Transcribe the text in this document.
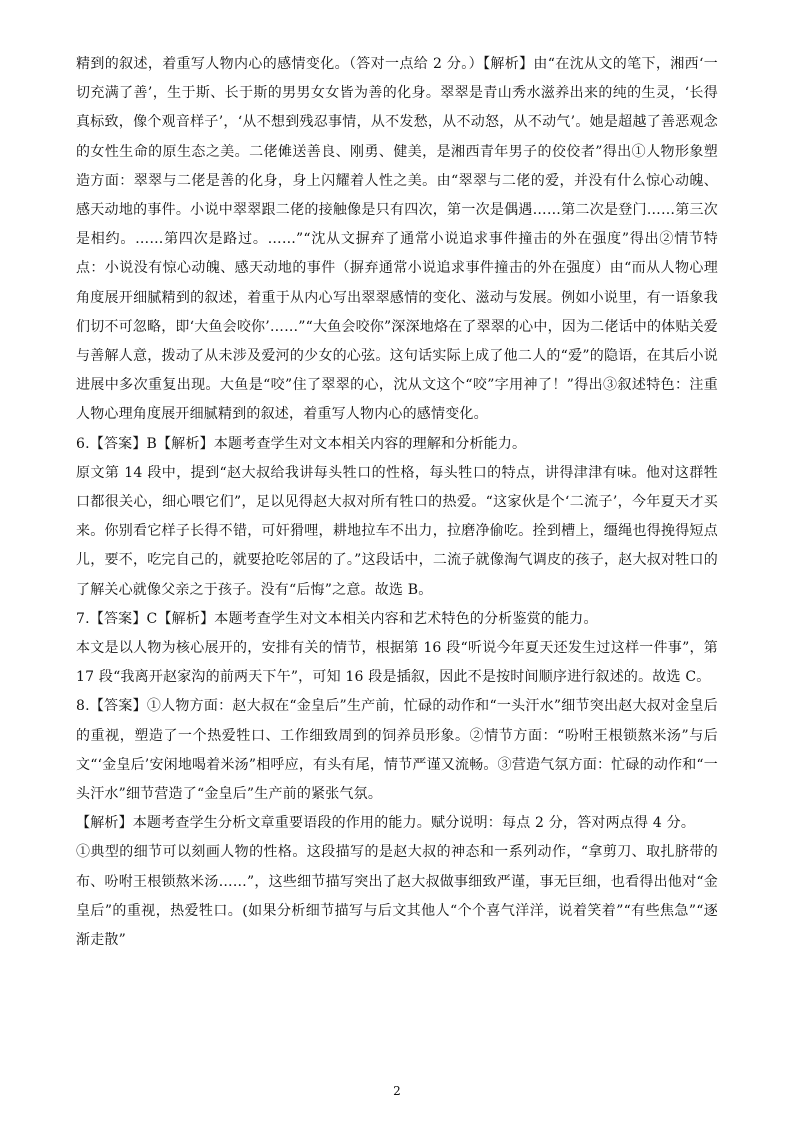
精到的叙述，着重写人物内心的感情变化。（答对一点给 2 分。）【解析】由“在沈从文的笔下，湘西‘一切充满了善’，生于斯、长于斯的男男女女皆为善的化身。翠翠是青山秀水滋养出来的纯的生灵，‘长得真标致，像个观音样子’，‘从不想到残忍事情，从不发愁，从不动怒，从不动气’。她是超越了善恶观念的女性生命的原生态之美。二佬傩送善良、刚勇、健美，是湘西青年男子的佼佼者”得出①人物形象塑造方面：翠翠与二佬是善的化身，身上闪耀着人性之美。由“翠翠与二佬的爱，并没有什么惊心动魄、感天动地的事件。小说中翠翠跟二佬的接触像是只有四次，第一次是偶遇……第二次是登门……第三次是相约。……第四次是路过。……”“沈从文摒弃了通常小说追求事件撞击的外在强度”得出②情节特点：小说没有惊心动魄、感天动地的事件（摒弃通常小说追求事件撞击的外在强度）由“而从人物心理角度展开细腻精到的叙述，着重于从内心写出翠翠感情的变化、滋动与发展。例如小说里，有一语象我们切不可忽略，即‘大鱼会咬你’……”“大鱼会咬你”深深地烙在了翠翠的心中，因为二佬话中的体贴关爱与善解人意，拨动了从未涉及爱河的少女的心弦。这句话实际上成了他二人的“爱”的隐语，在其后小说进展中多次重复出现。大鱼是“咬”住了翠翠的心，沈从文这个“咬”字用神了！”得出③叙述特色：注重人物心理角度展开细腻精到的叙述，着重写人物内心的感情变化。

6.【答案】B【解析】本题考查学生对文本相关内容的理解和分析能力。

原文第 14 段中，提到“赵大叔给我讲每头牲口的性格，每头牲口的特点，讲得津津有味。他对这群牲口都很关心，细心喂它们”，足以见得赵大叔对所有牲口的热爱。“这家伙是个‘二流子’，今年夏天才买来。你别看它样子长得不错，可奸猾哩，耕地拉车不出力，拉磨净偷吃。拴到槽上，缰绳也得挽得短点儿，要不，吃完自己的，就要抢吃邻居的了。”这段话中，二流子就像淘气调皮的孩子，赵大叔对牲口的了解关心就像父亲之于孩子。没有“后悔”之意。故选 B。

7.【答案】C【解析】本题考查学生对文本相关内容和艺术特色的分析鉴赏的能力。

本文是以人物为核心展开的，安排有关的情节，根据第 16 段“听说今年夏天还发生过这样一件事”，第 17 段“我离开赵家沟的前两天下午”，可知 16 段是插叙，因此不是按时间顺序进行叙述的。故选 C。

8.【答案】①人物方面：赵大叔在“金皇后”生产前，忙碌的动作和“一头汗水”细节突出赵大叔对金皇后的重视，塑造了一个热爱牲口、工作细致周到的饲养员形象。②情节方面：“吩咐王根锁熬米汤”与后文“‘金皇后’安闲地喝着米汤”相呼应，有头有尾，情节严谨又流畅。③营造气氛方面：忙碌的动作和“一头汗水”细节营造了“金皇后”生产前的紧张气氛。

【解析】本题考查学生分析文章重要语段的作用的能力。赋分说明：每点 2 分，答对两点得 4 分。

①典型的细节可以刻画人物的性格。这段描写的是赵大叔的神态和一系列动作，“拿剪刀、取扎脐带的布、吩咐王根锁熬米汤……”，这些细节描写突出了赵大叔做事细致严谨，事无巨细，也看得出他对“金皇后”的重视，热爱牲口。(如果分析细节描写与后文其他人“个个喜气洋洋，说着笑着”“有些焦急”“逐渐走散”

2
